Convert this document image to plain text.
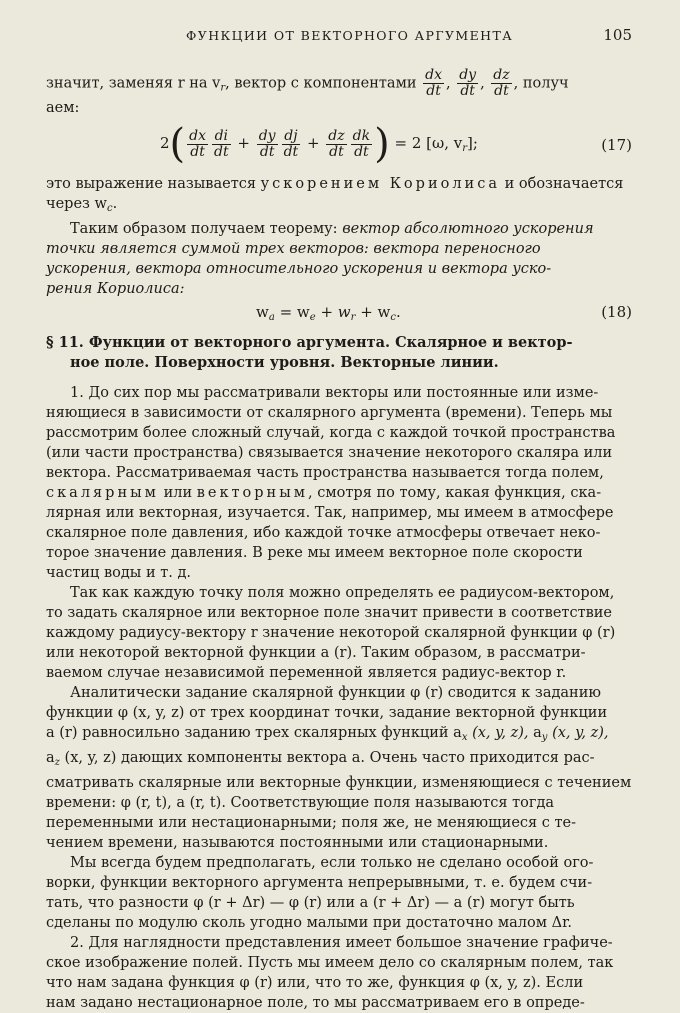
ФУНКЦИИ ОТ ВЕКТОРНОГО АРГУМЕНТА	105
значит, заменяя r на $v_r$, вектор с компонентами $\frac{dx}{dt}$ , $\frac{dy}{dt}$ , $\frac{dz}{dt}$ , получ
аем:
$2( \frac{dx}{dt} \frac{di}{dt} + \frac{dy}{dt} \frac{dj}{dt} + \frac{dz}{dt} \frac{dk}{dt}$ ) = 2 [ω, $v_r$];	(17)
это выражение называется ускорением Кориолиса и обозначается
через $w_c$.
Таким образом получаем теорему: вектор абсолютного ускорения
точки является суммой трех векторов: вектора переносного
ускорения, вектора относительного ускорения и вектора уско-
рения Кориолиса:
$w_a = w_e + w_r + w_c$.	(18)
§ 11. Функции от векторного аргумента. Скалярное и вектор-
ное поле. Поверхности уровня. Векторные линии.
1. До сих пор мы рассматривали векторы или постоянные или изме-
няющиеся в зависимости от скалярного аргумента (времени). Теперь мы
рассмотрим более сложный случай, когда с каждой точкой пространства
(или части пространства) связывается значение некоторого скаляра или
вектора. Рассматриваемая часть пространства называется тогда полем,
скалярным или векторным, смотря по тому, какая функция, ска-
лярная или векторная, изучается. Так, например, мы имеем в атмосфере
скалярное поле давления, ибо каждой точке атмосферы отвечает неко-
торое значение давления. В реке мы имеем векторное поле скорости
частиц воды и т. д.
Так как каждую точку поля можно определять ее радиусом-вектором,
то задать скалярное или векторное поле значит привести в соответствие
каждому радиусу-вектору r значение некоторой скалярной функции φ (r)
или некоторой векторной функции a (r). Таким образом, в рассматри-
ваемом случае независимой переменной является радиус-вектор r.
Аналитически задание скалярной функции φ (r) сводится к заданию
функции φ (x, y, z) от трех координат точки, задание векторной функции
a (r) равносильно заданию трех скалярных функций $a_x$ (x, y, z), $a_y$ (x, y, z),
$a_z$ (x, y, z) дающих компоненты вектора a. Очень часто приходится рас-
сматривать скалярные или векторные функции, изменяющиеся с течением
времени: φ (r, t), a (r, t). Соответствующие поля называются тогда
переменными или нестационарными; поля же, не меняющиеся с те-
чением времени, называются постоянными или стационарными.
Мы всегда будем предполагать, если только не сделано особой ого-
ворки, функции векторного аргумента непрерывными, т. е. будем счи-
тать, что разности φ (r + Δr) — φ (r) или a (r + Δr) — a (r) могут быть
сделаны по модулю сколь угодно малыми при достаточно малом Δr.
2. Для наглядности представления имеет большое значение графиче-
ское изображение полей. Пусть мы имеем дело со скалярным полем, так
что нам задана функция φ (r) или, что то же, функция φ (x, y, z). Если
нам задано нестационарное поле, то мы рассматриваем его в опреде-
